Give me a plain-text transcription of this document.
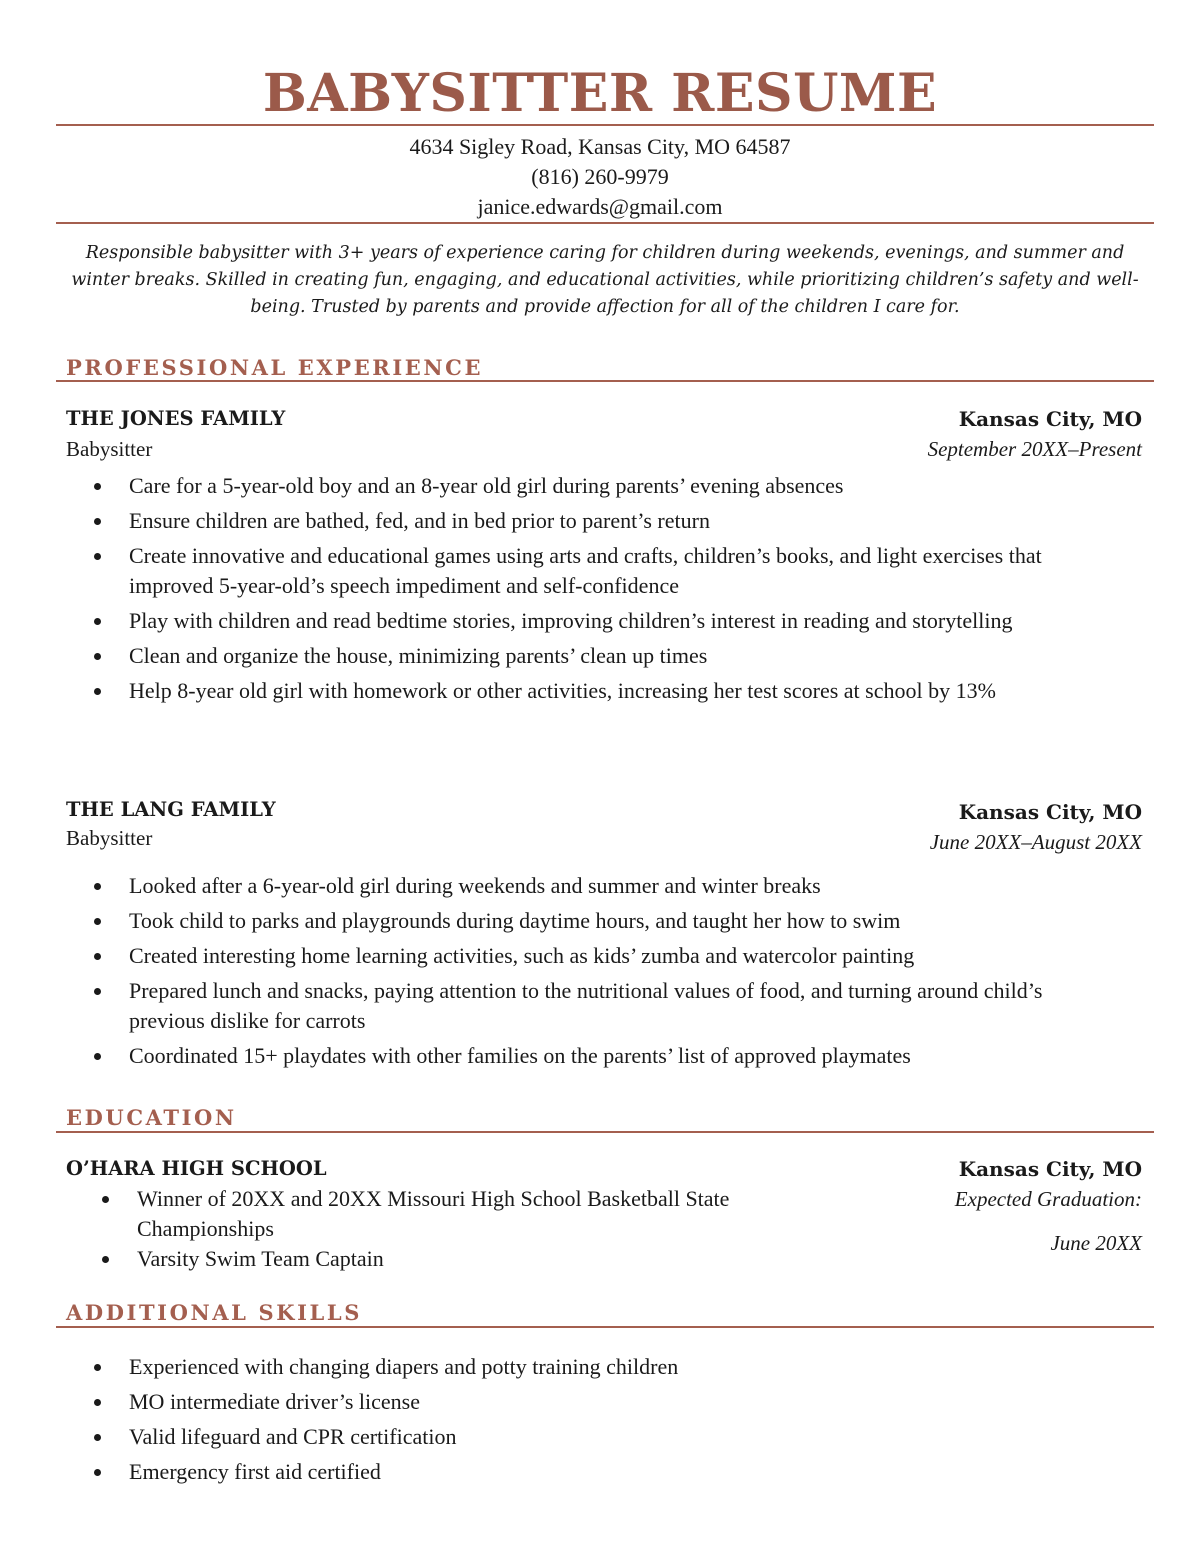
BABYSITTER RESUME
4634 Sigley Road, Kansas City, MO 64587
(816) 260-9979
janice.edwards@gmail.com
Responsible babysitter with 3+ years of experience caring for children during weekends, evenings, and summer and winter breaks. Skilled in creating fun, engaging, and educational activities, while prioritizing children’s safety and well-being. Trusted by parents and provide affection for all of the children I care for.
PROFESSIONAL EXPERIENCE
THE JONES FAMILY	Kansas City, MO
Babysitter	September 20XX–Present
Care for a 5-year-old boy and an 8-year old girl during parents’ evening absences
Ensure children are bathed, fed, and in bed prior to parent’s return
Create innovative and educational games using arts and crafts, children’s books, and light exercises that improved 5-year-old’s speech impediment and self-confidence
Play with children and read bedtime stories, improving children’s interest in reading and storytelling
Clean and organize the house, minimizing parents’ clean up times
Help 8-year old girl with homework or other activities, increasing her test scores at school by 13%
THE LANG FAMILY	Kansas City, MO
Babysitter	June 20XX–August 20XX
Looked after a 6-year-old girl during weekends and summer and winter breaks
Took child to parks and playgrounds during daytime hours, and taught her how to swim
Created interesting home learning activities, such as kids’ zumba and watercolor painting
Prepared lunch and snacks, paying attention to the nutritional values of food, and turning around child’s previous dislike for carrots
Coordinated 15+ playdates with other families on the parents’ list of approved playmates
EDUCATION
O’HARA HIGH SCHOOL	Kansas City, MO
Expected Graduation:
June 20XX
Winner of 20XX and 20XX Missouri High School Basketball State Championships
Varsity Swim Team Captain
ADDITIONAL SKILLS
Experienced with changing diapers and potty training children
MO intermediate driver’s license
Valid lifeguard and CPR certification
Emergency first aid certified
